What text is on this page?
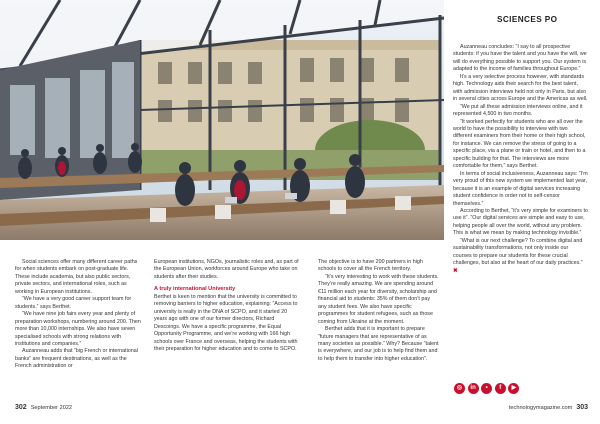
SCIENCES PO

Social sciences offer many different career paths for when students embark on post-graduate life. These include academia, but also public sectors, private sectors, and international roles, such as working in European institutions.

“We have a very good career support team for students,” says Berthet.

“We have nine job fairs every year and plenty of preparation workshops, numbering around 200. Then more than 10,000 internships. We also have seven specialised schools with strong relations with institutions and companies.”

Auzanneau adds that “big French or international banks” are frequent destinations, as well as the French administration or

European institutions, NGOs, journalistic roles and, as part of the European Union, workforces around Europe who take on students after their studies.

A truly international University

Berthet is keen to mention that the university is committed to removing barriers to higher education, explaining: “Access to university is really in the DNA of SCPO, and it started 20 years ago with one of our former directors, Richard Descoings. We have a specific programme, the Equal Opportunity Programme, and we’re working with 166 high schools over France and overseas, helping the students with their preparation for higher education and to come to SCPO.

The objective is to have 200 partners in high schools to cover all the French territory.

“It’s very interesting to work with these students. They’re really amazing. We are spending around €11 million each year for diversity, scholarship and financial aid to students: 35% of them don’t pay any student fees. We also have specific programmes for student refugees, such as those coming from Ukraine at the moment.

Berthet adds that it is important to prepare “future managers that are representative of as many societies as possible.” Why? Because “talent is everywhere, and our job is to help find them and to help them to transfer into higher education”.

Auzanneau concludes: “I say to all prospective students: if you have the talent and you have the will, we will do everything possible to support you. Our system is adapted to the income of families throughout Europe.”

It’s a very selective process however, with standards high. Technology aids their search for the best talent, with admission interviews held not only in Paris, but also in several cities across Europe and the Americas as well.

“We put all these admission interviews online, and it represented 4,500 in two months.

“It worked perfectly for students who are all over the world to have the possibility to interview with two different examiners from their home or their high school, for instance. We can remove the stress of going to a specific place, via a plane or train or hotel, and then to a specific building for that. The interviews are more comfortable for them,” says Berthet.

In terms of social inclusiveness, Auzanneau says: “I’m very proud of this new system we implemented last year, because it is an example of digital services increasing student confidence in order not to self-censor themselves.”

According to Berthet, “it’s very simple for examiners to use it”. “Our digital services are simple and easy to use, helping people all over the world, without any problem. This is what we mean by making technology invisible.”

“What is our next challenge? To combine digital and sustainability transformations, not only inside our courses to prepare our students for these crucial challenges, but also at the heart of our daily practices.” ✖

◎	in	•	f	▶
302 September 2022	technologymagazine.com 303
